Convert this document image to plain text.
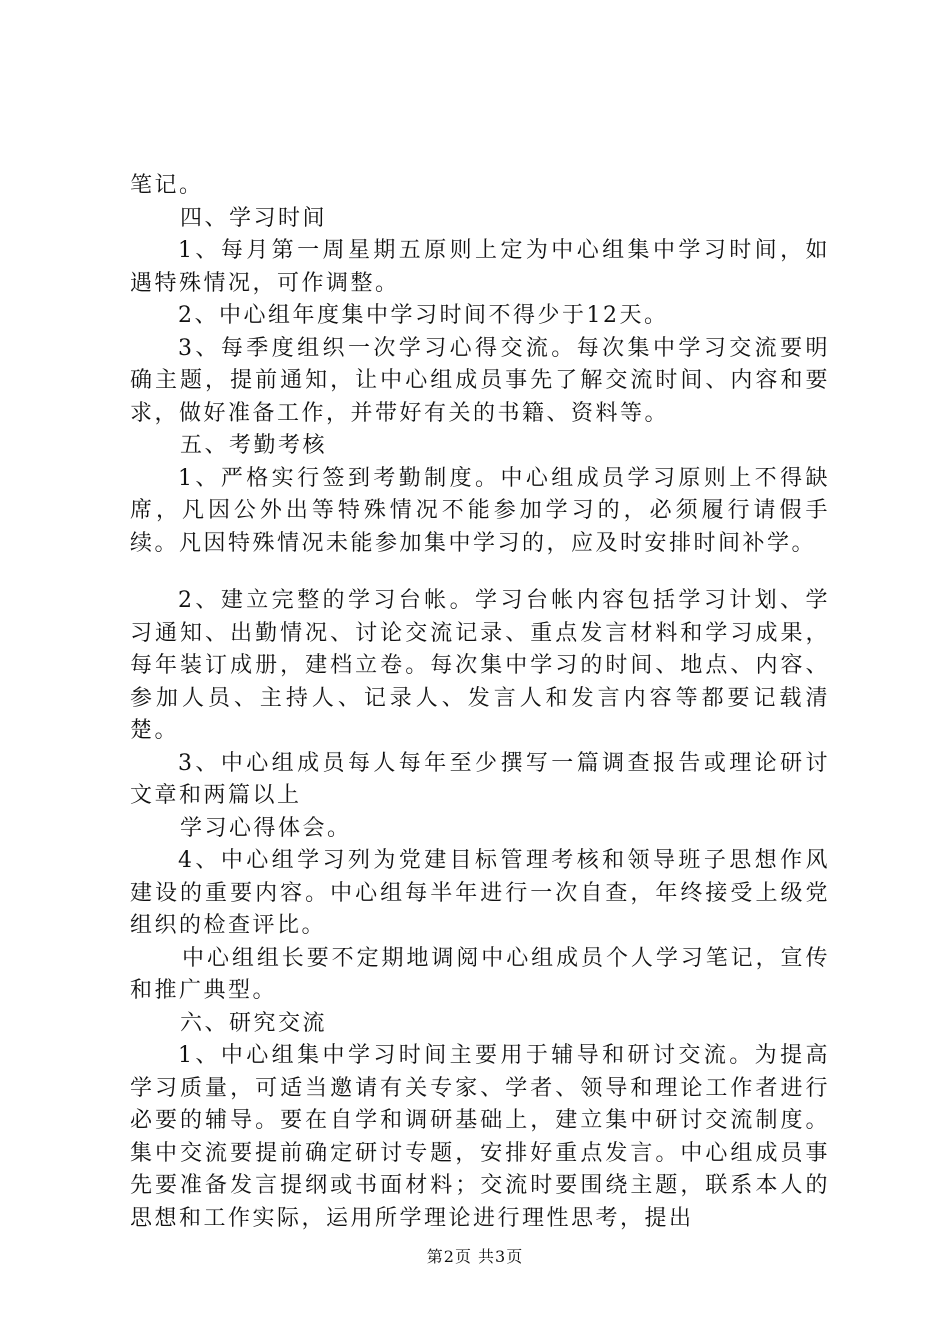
笔记。

四、学习时间

1、每月第一周星期五原则上定为中心组集中学习时间，如遇特殊情况，可作调整。

2、中心组年度集中学习时间不得少于12天。

3、每季度组织一次学习心得交流。每次集中学习交流要明确主题，提前通知，让中心组成员事先了解交流时间、内容和要求，做好准备工作，并带好有关的书籍、资料等。

五、考勤考核

1、严格实行签到考勤制度。中心组成员学习原则上不得缺席，凡因公外出等特殊情况不能参加学习的，必须履行请假手续。凡因特殊情况未能参加集中学习的，应及时安排时间补学。

2、建立完整的学习台帐。学习台帐内容包括学习计划、学习通知、出勤情况、讨论交流记录、重点发言材料和学习成果，每年装订成册，建档立卷。每次集中学习的时间、地点、内容、参加人员、主持人、记录人、发言人和发言内容等都要记载清楚。

3、中心组成员每人每年至少撰写一篇调查报告或理论研讨文章和两篇以上

学习心得体会。

4、中心组学习列为党建目标管理考核和领导班子思想作风建设的重要内容。中心组每半年进行一次自查，年终接受上级党组织的检查评比。

中心组组长要不定期地调阅中心组成员个人学习笔记，宣传和推广典型。

六、研究交流

1、中心组集中学习时间主要用于辅导和研讨交流。为提高学习质量，可适当邀请有关专家、学者、领导和理论工作者进行必要的辅导。要在自学和调研基础上，建立集中研讨交流制度。集中交流要提前确定研讨专题，安排好重点发言。中心组成员事先要准备发言提纲或书面材料；交流时要围绕主题，联系本人的思想和工作实际，运用所学理论进行理性思考，提出

第2页 共3页
